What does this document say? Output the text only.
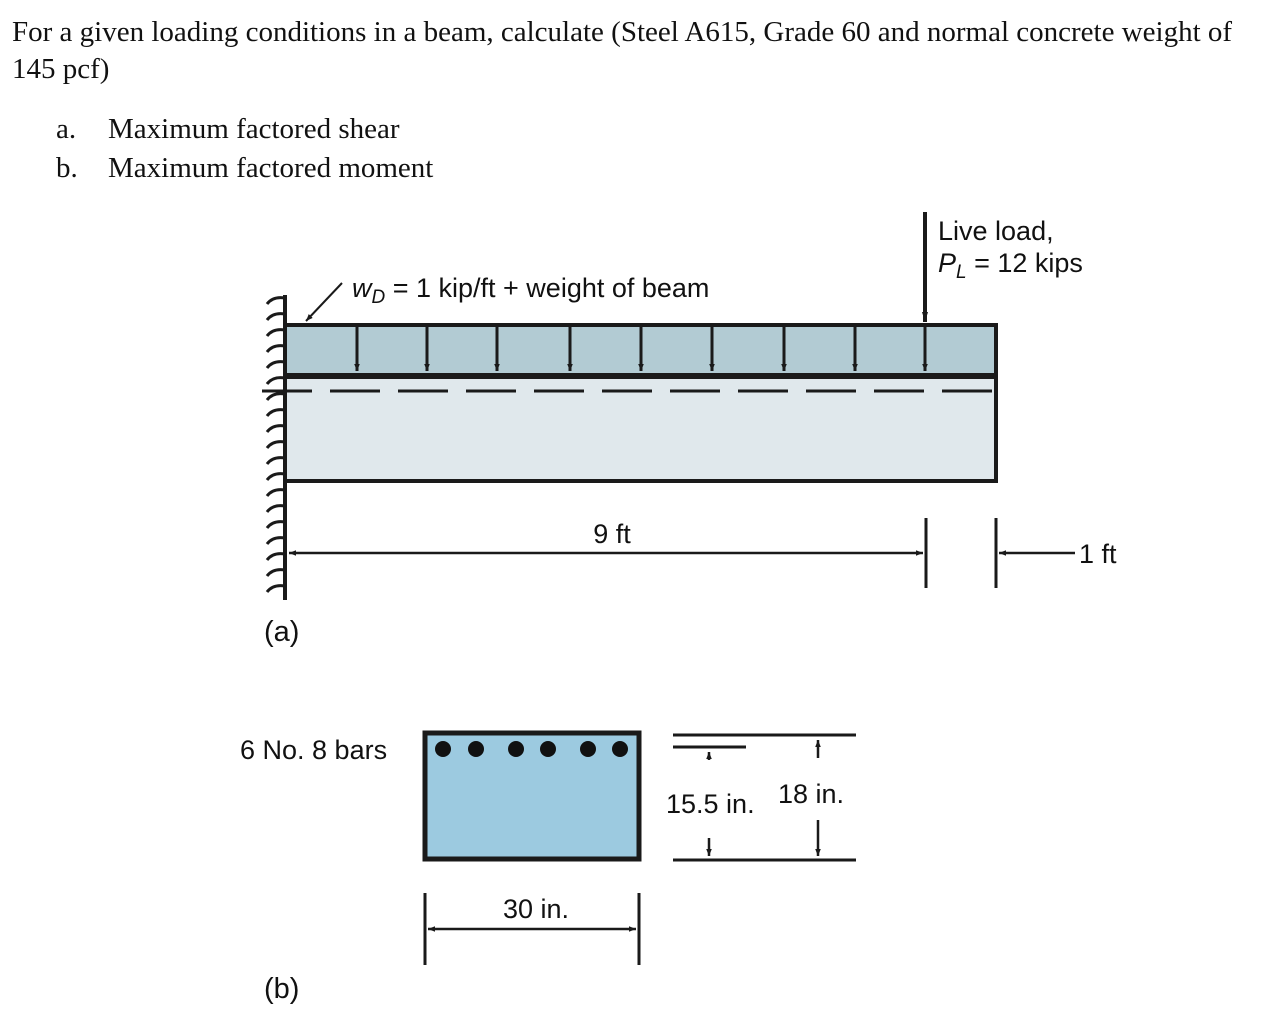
For a given loading conditions in a beam, calculate (Steel A615, Grade 60 and normal concrete weight of 145 pcf)

a. Maximum factored shear
b. Maximum factored moment
$w_D = 1$ kip/ft + weight of beam
Live load,
$P_L = 12$ kips
9 ft
1 ft
(a)
6 No. 8 bars
30 in.
15.5 in. 18 in.
(b)
